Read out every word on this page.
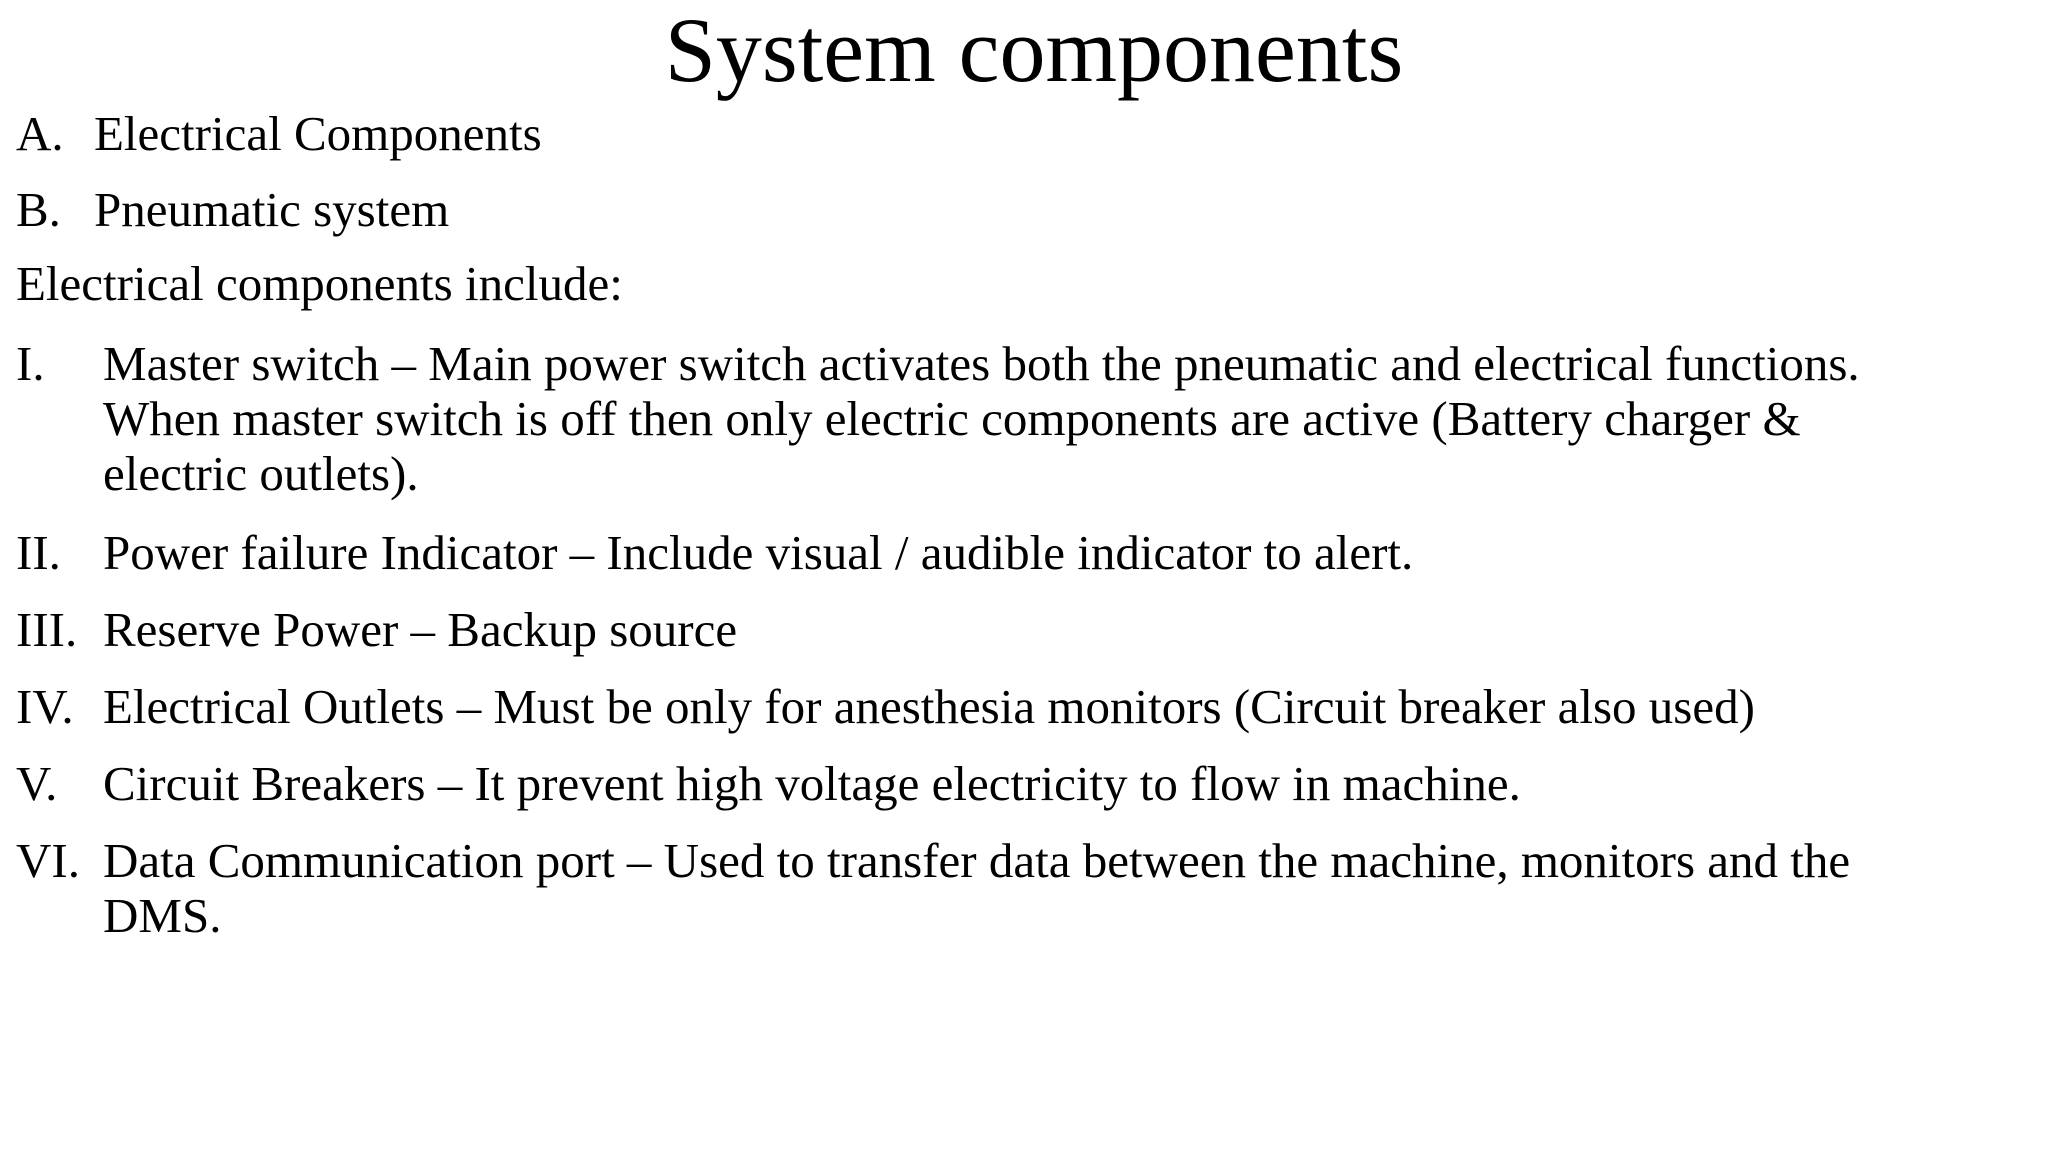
System components
A. Electrical Components
B. Pneumatic system
Electrical components include:
I. Master switch – Main power switch activates both the pneumatic and electrical functions.
When master switch is off then only electric components are active (Battery charger &
electric outlets).
II. Power failure Indicator – Include visual / audible indicator to alert.
III. Reserve Power – Backup source
IV. Electrical Outlets – Must be only for anesthesia monitors (Circuit breaker also used)
V. Circuit Breakers – It prevent high voltage electricity to flow in machine.
VI. Data Communication port – Used to transfer data between the machine, monitors and the
DMS.
